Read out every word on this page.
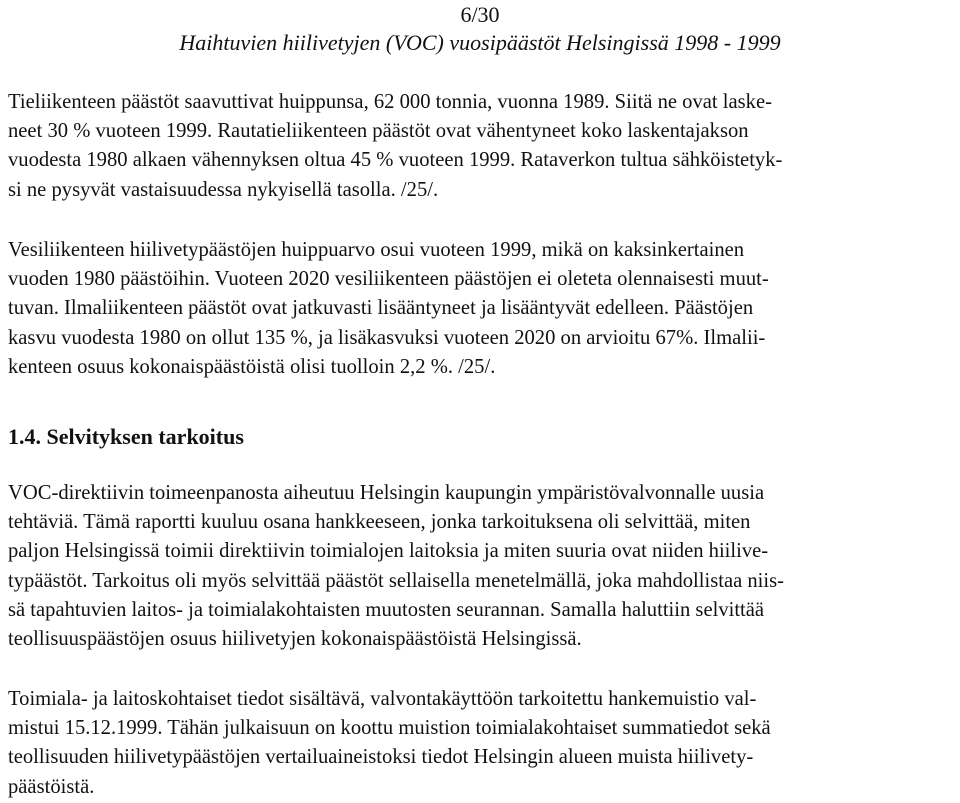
6/30
Haihtuvien hiilivetyjen (VOC) vuosipäästöt Helsingissä 1998 - 1999

Tieliikenteen päästöt saavuttivat huippunsa, 62 000 tonnia, vuonna 1989. Siitä ne ovat laske-
neet 30 % vuoteen 1999. Rautatieliikenteen päästöt ovat vähentyneet koko laskentajakson
vuodesta 1980 alkaen vähennyksen oltua 45 % vuoteen 1999. Rataverkon tultua sähköistetyk-
si ne pysyvät vastaisuudessa nykyisellä tasolla. /25/.

Vesiliikenteen hiilivetypäästöjen huippuarvo osui vuoteen 1999, mikä on kaksinkertainen
vuoden 1980 päästöihin. Vuoteen 2020 vesiliikenteen päästöjen ei oleteta olennaisesti muut-
tuvan. Ilmaliikenteen päästöt ovat jatkuvasti lisääntyneet ja lisääntyvät edelleen. Päästöjen
kasvu vuodesta 1980 on ollut 135 %, ja lisäkasvuksi vuoteen 2020 on arvioitu 67%. Ilmalii-
kenteen osuus kokonaispäästöistä olisi tuolloin 2,2 %. /25/.

1.4. Selvityksen tarkoitus

VOC-direktiivin toimeenpanosta aiheutuu Helsingin kaupungin ympäristövalvonnalle uusia
tehtäviä. Tämä raportti kuuluu osana hankkeeseen, jonka tarkoituksena oli selvittää, miten
paljon Helsingissä toimii direktiivin toimialojen laitoksia ja miten suuria ovat niiden hiilive-
typäästöt. Tarkoitus oli myös selvittää päästöt sellaisella menetelmällä, joka mahdollistaa niis-
sä tapahtuvien laitos- ja toimialakohtaisten muutosten seurannan. Samalla haluttiin selvittää
teollisuuspäästöjen osuus hiilivetyjen kokonaispäästöistä Helsingissä.

Toimiala- ja laitoskohtaiset tiedot sisältävä, valvontakäyttöön tarkoitettu hankemuistio val-
mistui 15.12.1999. Tähän julkaisuun on koottu muistion toimialakohtaiset summatiedot sekä
teollisuuden hiilivetypäästöjen vertailuaineistoksi tiedot Helsingin alueen muista hiilivety-
päästöistä.
